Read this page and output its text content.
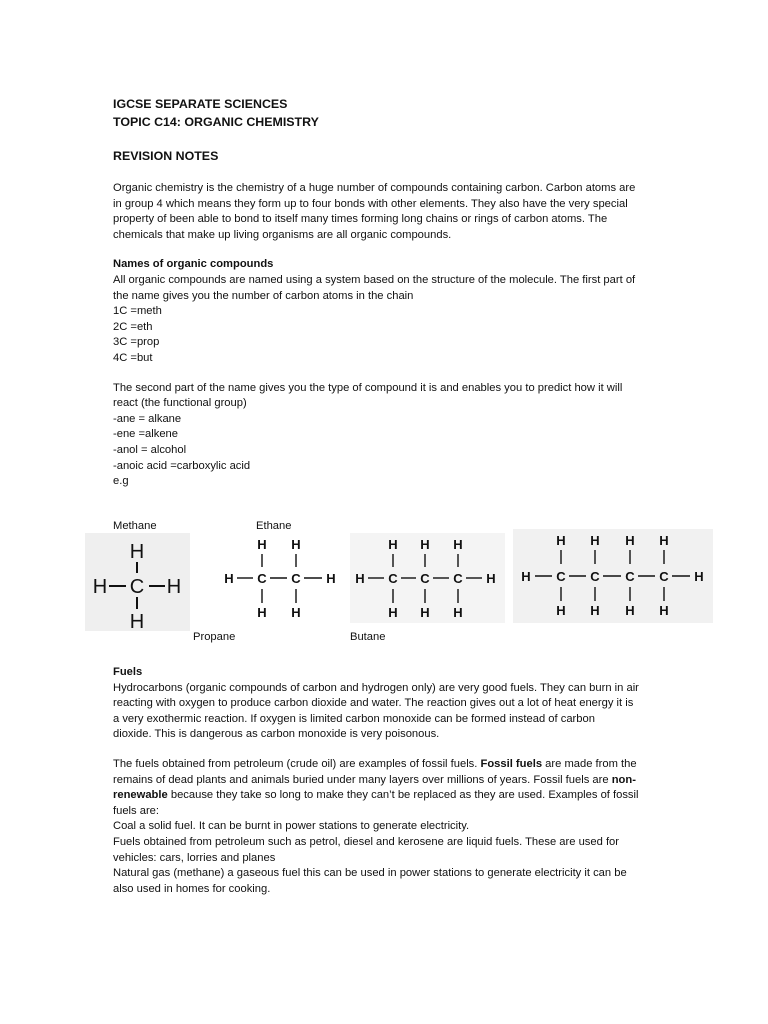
IGCSE SEPARATE SCIENCES
TOPIC C14: ORGANIC CHEMISTRY
REVISION NOTES

Organic chemistry is the chemistry of a huge number of compounds containing carbon. Carbon atoms are

in group 4 which means they form up to four bonds with other elements. They also have the very special

property of been able to bond to itself many times forming long chains or rings of carbon atoms. The

chemicals that make up living organisms are all organic compounds.

Names of organic compounds

All organic compounds are named using a system based on the structure of the molecule. The first part of

the name gives you the number of carbon atoms in the chain

1C =meth

2C =eth

3C =prop

4C =but

The second part of the name gives you the type of compound it is and enables you to predict how it will

react (the functional group)

-ane = alkane

-ene =alkene

-anol = alcohol

-anoic acid =carboxylic acid

e.g

Methane	Ethane
H
H C H
H
H H
H C C H
H H
H H H
H C C C H
H H H
H H H H
H C C C C H
H H H H
Propane	Butane

Fuels

Hydrocarbons (organic compounds of carbon and hydrogen only) are very good fuels. They can burn in air

reacting with oxygen to produce carbon dioxide and water. The reaction gives out a lot of heat energy it is

a very exothermic reaction. If oxygen is limited carbon monoxide can be formed instead of carbon

dioxide. This is dangerous as carbon monoxide is very poisonous.

The fuels obtained from petroleum (crude oil) are examples of fossil fuels. Fossil fuels are made from the

remains of dead plants and animals buried under many layers over millions of years. Fossil fuels are non-

renewable because they take so long to make they can’t be replaced as they are used. Examples of fossil

fuels are:

Coal a solid fuel. It can be burnt in power stations to generate electricity.

Fuels obtained from petroleum such as petrol, diesel and kerosene are liquid fuels. These are used for

vehicles: cars, lorries and planes

Natural gas (methane) a gaseous fuel this can be used in power stations to generate electricity it can be

also used in homes for cooking.
